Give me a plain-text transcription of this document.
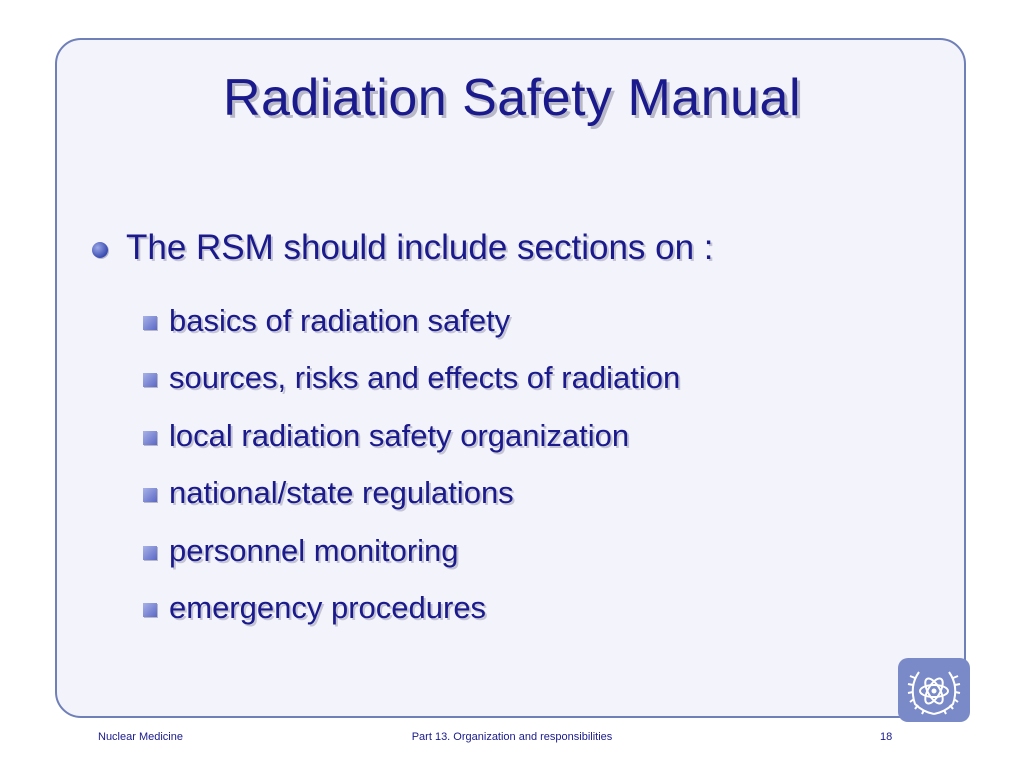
Radiation Safety Manual
The RSM should include sections on :
basics of radiation safety
sources, risks and effects of radiation
local radiation safety organization
national/state regulations
personnel monitoring
emergency procedures
Nuclear Medicine	Part 13. Organization and responsibilities	18
